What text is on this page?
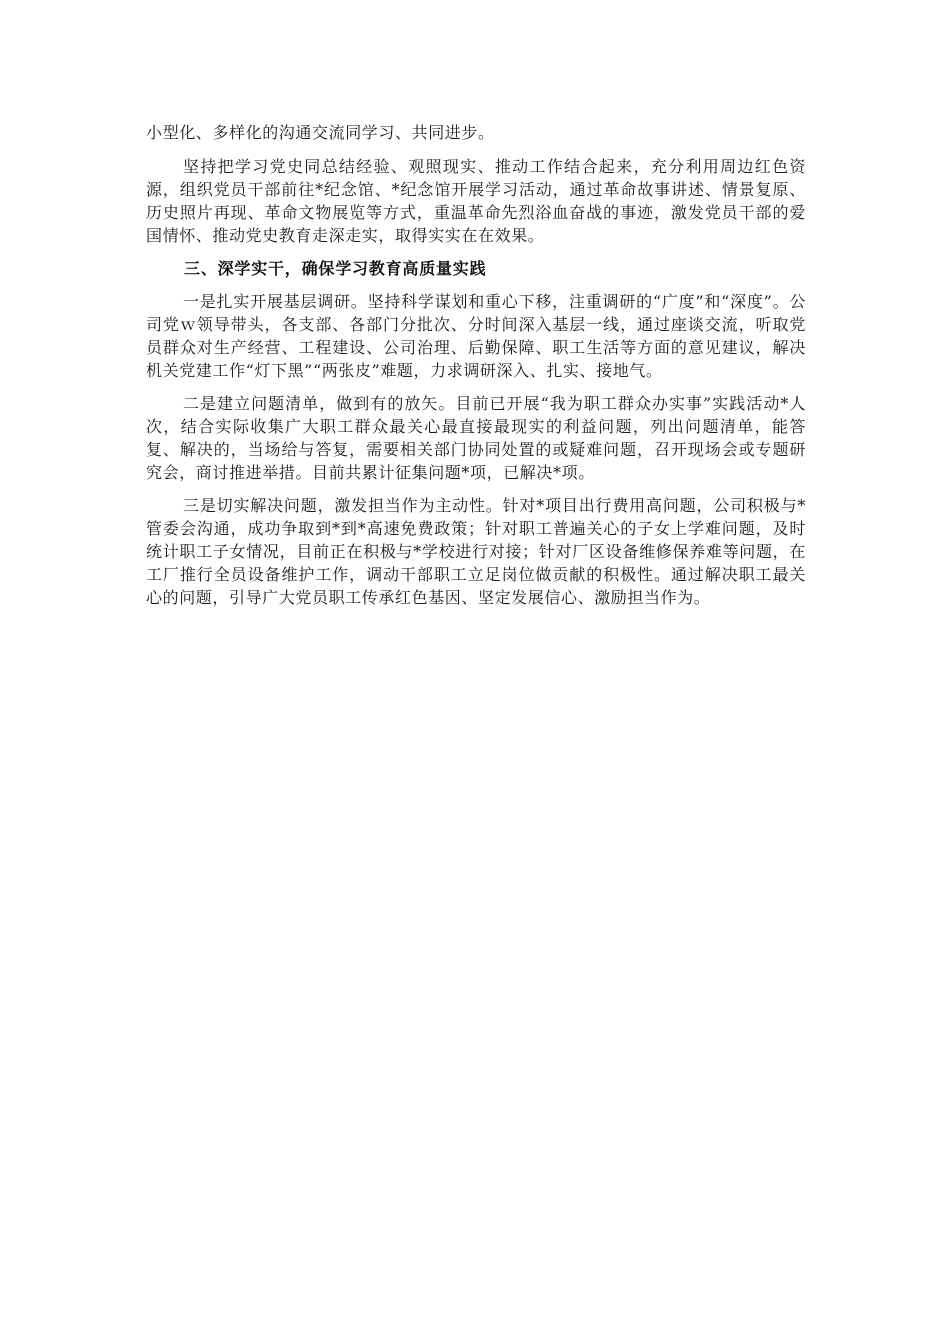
小型化、多样化的沟通交流同学习、共同进步。

坚持把学习党史同总结经验、观照现实、推动工作结合起来，充分利用周边红色资源，组织党员干部前往*纪念馆、*纪念馆开展学习活动，通过革命故事讲述、情景复原、历史照片再现、革命文物展览等方式，重温革命先烈浴血奋战的事迹，激发党员干部的爱国情怀、推动党史教育走深走实，取得实实在在效果。

三、深学实干，确保学习教育高质量实践

一是扎实开展基层调研。坚持科学谋划和重心下移，注重调研的“广度”和“深度”。公司党ｗ领导带头，各支部、各部门分批次、分时间深入基层一线，通过座谈交流，听取党员群众对生产经营、工程建设、公司治理、后勤保障、职工生活等方面的意见建议，解决机关党建工作“灯下黑”“两张皮”难题，力求调研深入、扎实、接地气。

二是建立问题清单，做到有的放矢。目前已开展“我为职工群众办实事”实践活动*人次，结合实际收集广大职工群众最关心最直接最现实的利益问题，列出问题清单，能答复、解决的，当场给与答复，需要相关部门协同处置的或疑难问题，召开现场会或专题研究会，商讨推进举措。目前共累计征集问题*项，已解决*项。

三是切实解决问题，激发担当作为主动性。针对*项目出行费用高问题，公司积极与*管委会沟通，成功争取到*到*高速免费政策；针对职工普遍关心的子女上学难问题，及时统计职工子女情况，目前正在积极与*学校进行对接；针对厂区设备维修保养难等问题，在工厂推行全员设备维护工作，调动干部职工立足岗位做贡献的积极性。通过解决职工最关心的问题，引导广大党员职工传承红色基因、坚定发展信心、激励担当作为。
